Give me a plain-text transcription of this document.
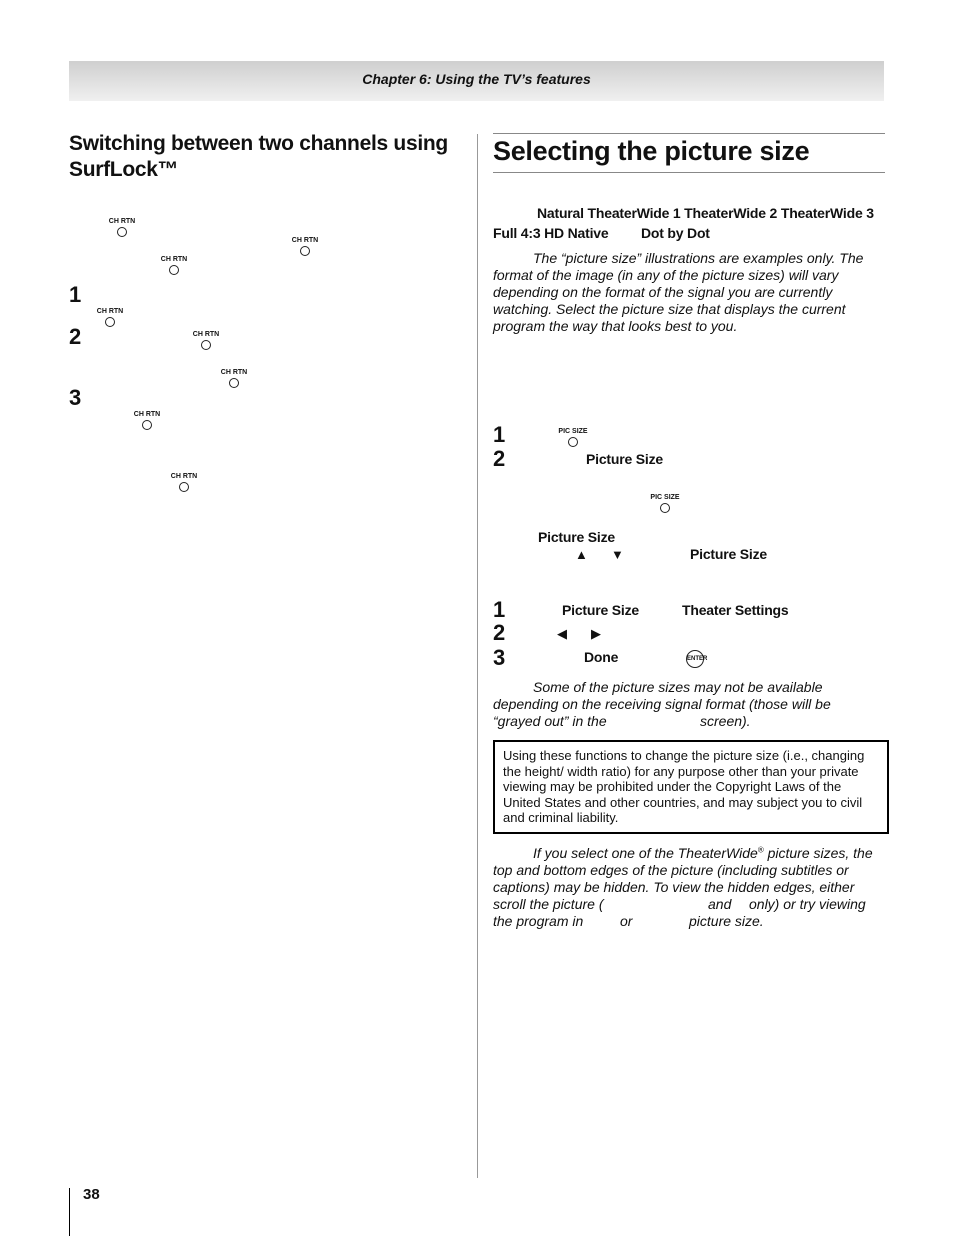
Chapter 6: Using the TV’s features
Switching between two channels using SurfLock™
CH RTN
CH RTN
CH RTN
1
CH RTN
2	CH RTN
CH RTN
3
CH RTN
CH RTN
Selecting the picture size
Natural TheaterWide 1 TheaterWide 2 TheaterWide 3
Full 4:3 HD Native Dot by Dot
The “picture size” illustrations are examples only. The format of the image (in any of the picture sizes) will vary depending on the format of the signal you are currently watching. Select the picture size that displays the current program the way that looks best to you.
1	PIC SIZE
2	Picture Size
PIC SIZE
Picture Size
▲ ▼	Picture Size
1	Picture Size	Theater Settings
2	◀ ▶
3	Done	ENTER
Some of the picture sizes may not be available
depending on the receiving signal format (those will be
“grayed out” in the	screen).
Using these functions to change the picture size (i.e., changing the height/ width ratio) for any purpose other than your private viewing may be prohibited under the Copyright Laws of the United States and other countries, and may subject you to civil and criminal liability.
If you select one of the TheaterWide® picture sizes, the
top and bottom edges of the picture (including subtitles or
captions) may be hidden. To view the hidden edges, either
scroll the picture (	and only) or try viewing
the program in	or	picture size.
38
